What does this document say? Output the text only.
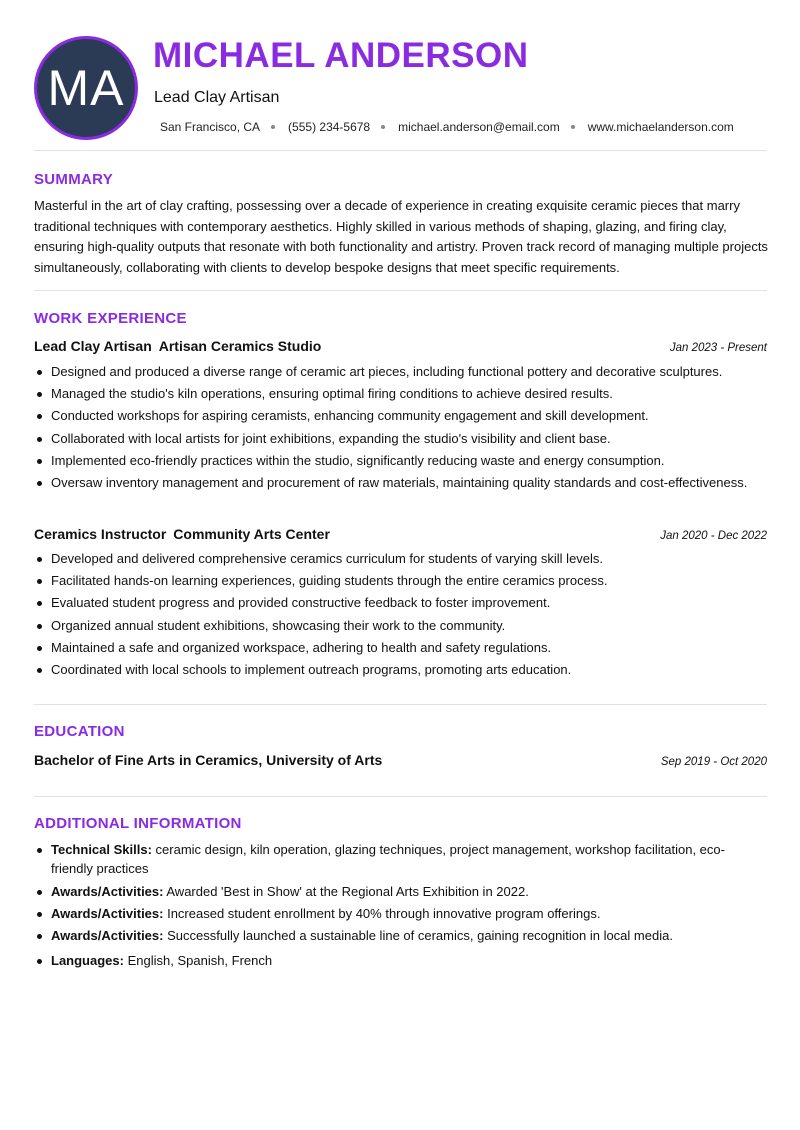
MA
MICHAEL ANDERSON
Lead Clay Artisan
San Francisco, CA (555) 234-5678 michael.anderson@email.com www.michaelanderson.com
SUMMARY

Masterful in the art of clay crafting, possessing over a decade of experience in creating exquisite ceramic pieces that marry traditional techniques with contemporary aesthetics. Highly skilled in various methods of shaping, glazing, and firing clay, ensuring high-quality outputs that resonate with both functionality and artistry. Proven track record of managing multiple projects simultaneously, collaborating with clients to develop bespoke designs that meet specific requirements.

WORK EXPERIENCE
Lead Clay Artisan Artisan Ceramics Studio	Jan 2023 - Present
Designed and produced a diverse range of ceramic art pieces, including functional pottery and decorative sculptures.
Managed the studio's kiln operations, ensuring optimal firing conditions to achieve desired results.
Conducted workshops for aspiring ceramists, enhancing community engagement and skill development.
Collaborated with local artists for joint exhibitions, expanding the studio's visibility and client base.
Implemented eco-friendly practices within the studio, significantly reducing waste and energy consumption.
Oversaw inventory management and procurement of raw materials, maintaining quality standards and cost-effectiveness.
Ceramics Instructor Community Arts Center	Jan 2020 - Dec 2022
Developed and delivered comprehensive ceramics curriculum for students of varying skill levels.
Facilitated hands-on learning experiences, guiding students through the entire ceramics process.
Evaluated student progress and provided constructive feedback to foster improvement.
Organized annual student exhibitions, showcasing their work to the community.
Maintained a safe and organized workspace, adhering to health and safety regulations.
Coordinated with local schools to implement outreach programs, promoting arts education.
EDUCATION
Bachelor of Fine Arts in Ceramics, University of Arts	Sep 2019 - Oct 2020
ADDITIONAL INFORMATION
Technical Skills: ceramic design, kiln operation, glazing techniques, project management, workshop facilitation, eco-friendly practices
Awards/Activities: Awarded 'Best in Show' at the Regional Arts Exhibition in 2022.
Awards/Activities: Increased student enrollment by 40% through innovative program offerings.
Awards/Activities: Successfully launched a sustainable line of ceramics, gaining recognition in local media.
Languages: English, Spanish, French
